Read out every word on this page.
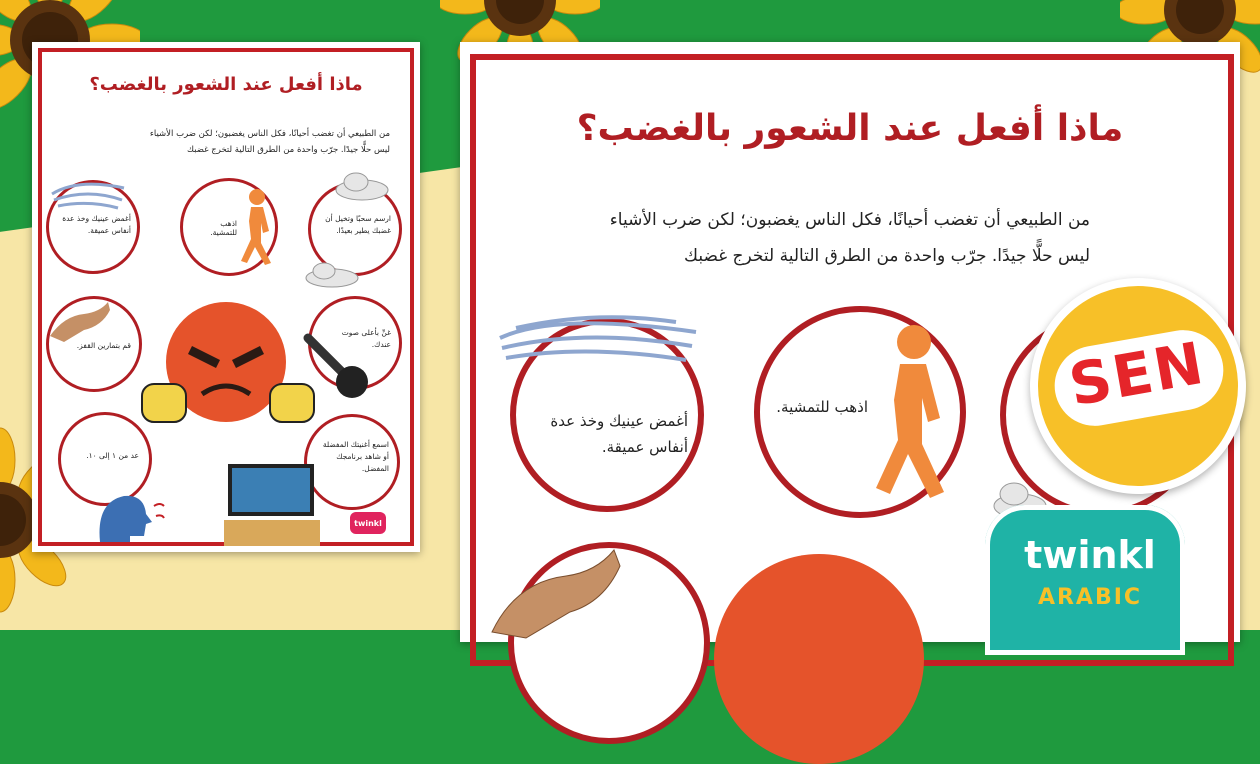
ماذا أفعل عند الشعور بالغضب؟
من الطبيعي أن تغضب أحيانًا، فكل الناس يغضبون؛ لكن ضرب الأشياء
ليس حلًّا جيدًا. جرّب واحدة من الطرق التالية لتخرج غضبك
أغمض عينيك وخذ عدة أنفاس عميقة.
اذهب للتمشية.
ارسم سحبًا وتخيل أن غضبك يطير بعيدًا.
قم بتمارين القفز.
غنِّ بأعلى صوت عندك.
عد من ١ إلى ١٠.
اسمع أغنيتك المفضلة أو شاهد برنامجك المفضل.
twinkl
ماذا أفعل عند الشعور بالغضب؟
من الطبيعي أن تغضب أحيانًا، فكل الناس يغضبون؛ لكن ضرب الأشياء
ليس حلًّا جيدًا. جرّب واحدة من الطرق التالية لتخرج غضبك
أغمض عينيك وخذ عدة أنفاس عميقة.
اذهب للتمشية.	SEN
twinkl
ARABIC
